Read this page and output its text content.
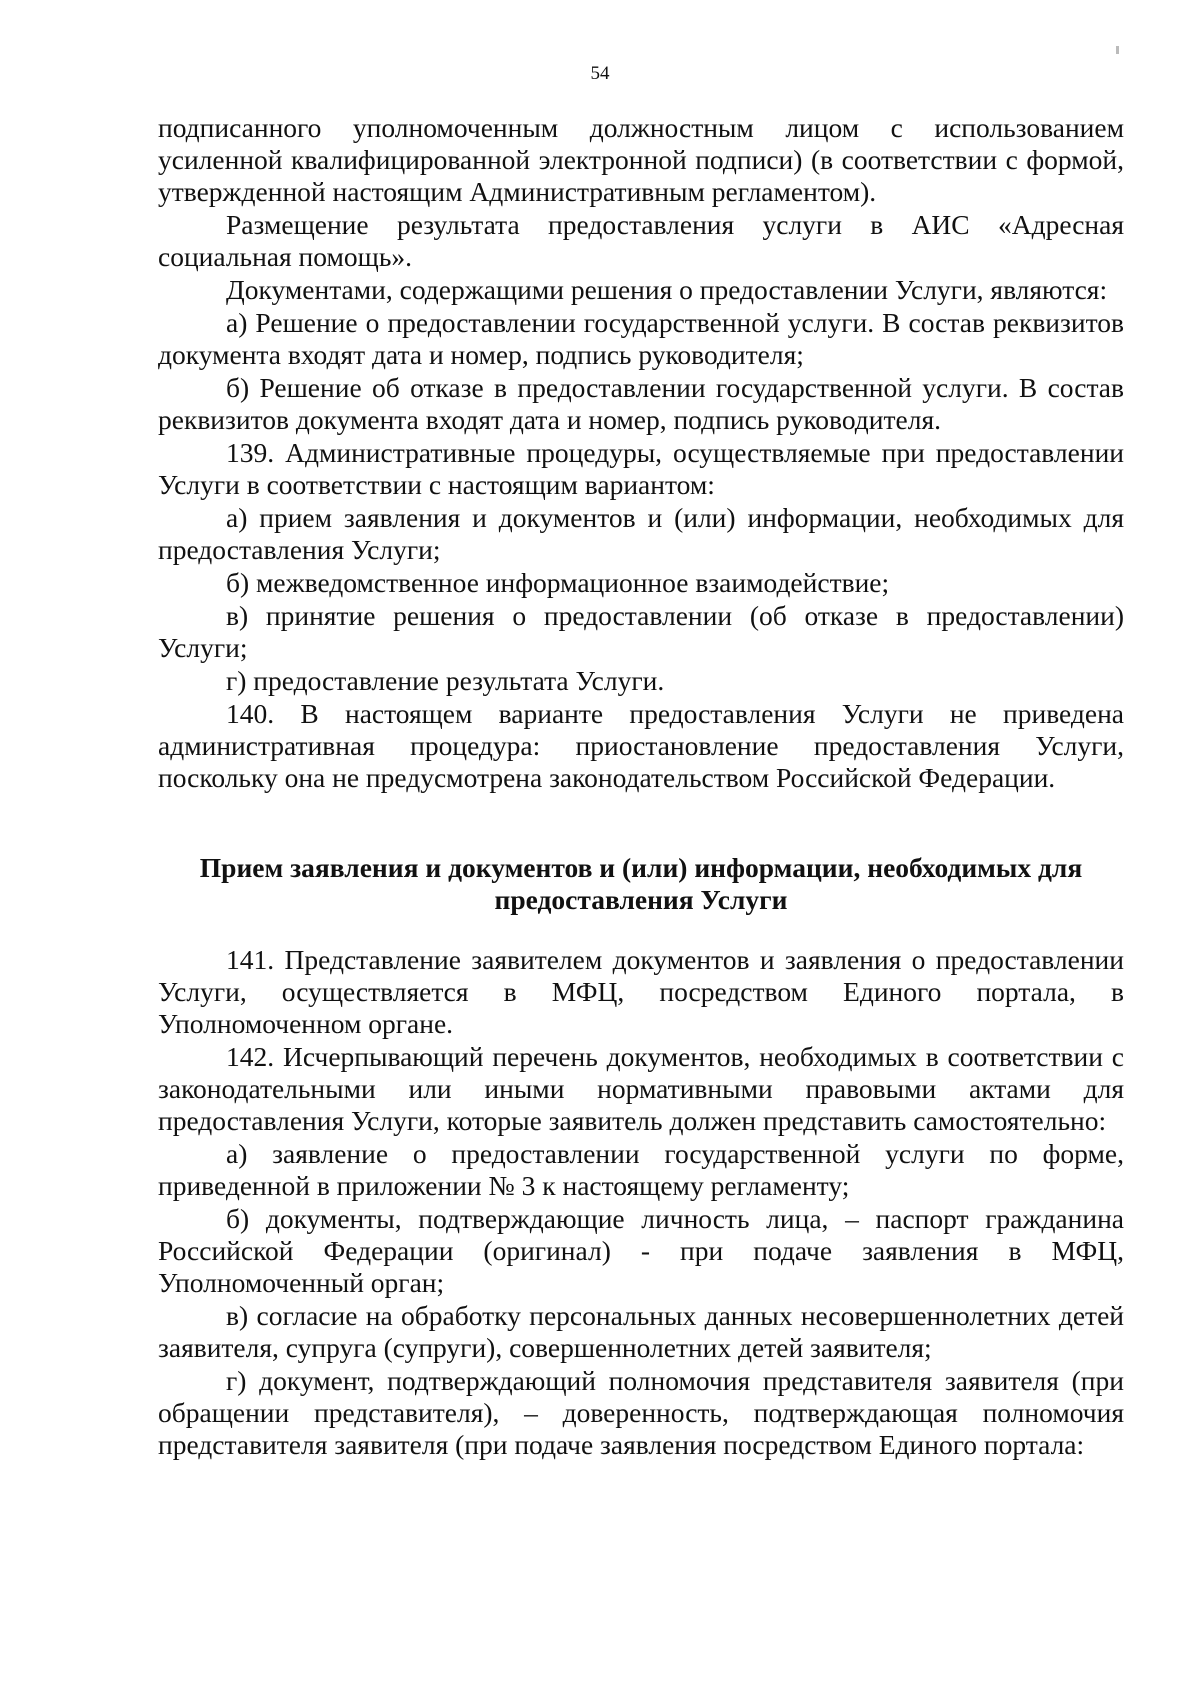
54

подписанного уполномоченным должностным лицом с использованием усиленной квалифицированной электронной подписи) (в соответствии с формой, утвержденной настоящим Административным регламентом).

Размещение результата предоставления услуги в АИС «Адресная социальная помощь».

Документами, содержащими решения о предоставлении Услуги, являются:

а) Решение о предоставлении государственной услуги. В состав реквизитов документа входят дата и номер, подпись руководителя;

б) Решение об отказе в предоставлении государственной услуги. В состав реквизитов документа входят дата и номер, подпись руководителя.

139. Административные процедуры, осуществляемые при предоставлении Услуги в соответствии с настоящим вариантом:

а) прием заявления и документов и (или) информации, необходимых для предоставления Услуги;

б) межведомственное информационное взаимодействие;

в) принятие решения о предоставлении (об отказе в предоставлении) Услуги;

г) предоставление результата Услуги.

140. В настоящем варианте предоставления Услуги не приведена административная процедура: приостановление предоставления Услуги, поскольку она не предусмотрена законодательством Российской Федерации.

Прием заявления и документов и (или) информации, необходимых для предоставления Услуги

141. Представление заявителем документов и заявления о предоставлении Услуги, осуществляется в МФЦ, посредством Единого портала, в Уполномоченном органе.

142. Исчерпывающий перечень документов, необходимых в соответствии с законодательными или иными нормативными правовыми актами для предоставления Услуги, которые заявитель должен представить самостоятельно:

а) заявление о предоставлении государственной услуги по форме, приведенной в приложении № 3 к настоящему регламенту;

б) документы, подтверждающие личность лица, – паспорт гражданина Российской Федерации (оригинал) - при подаче заявления в МФЦ, Уполномоченный орган;

в) согласие на обработку персональных данных несовершеннолетних детей заявителя, супруга (супруги), совершеннолетних детей заявителя;

г) документ, подтверждающий полномочия представителя заявителя (при обращении представителя), – доверенность, подтверждающая полномочия представителя заявителя (при подаче заявления посредством Единого портала:
